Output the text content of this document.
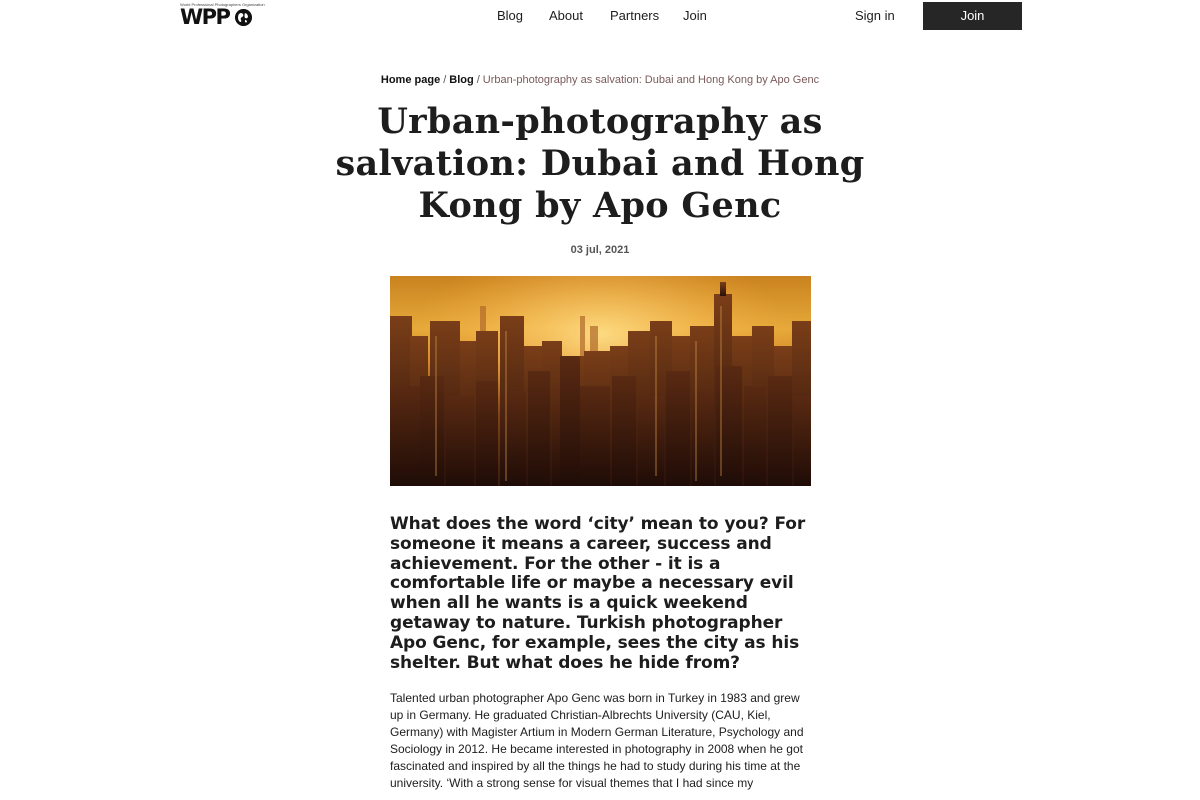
World Professional Photographers Organization
WPP	Blog About Partners Join	Sign in	Join
Home page / Blog / Urban-photography as salvation: Dubai and Hong Kong by Apo Genc
Urban-photography as salvation: Dubai and Hong Kong by Apo Genc
03 jul, 2021

What does the word ‘city’ mean to you? For someone it means a career, success and achievement. For the other - it is a comfortable life or maybe a necessary evil when all he wants is a quick weekend getaway to nature. Turkish photographer Apo Genc, for example, sees the city as his shelter. But what does he hide from?

Talented urban photographer Apo Genc was born in Turkey in 1983 and grew up in Germany. He graduated Christian-Albrechts University (CAU, Kiel, Germany) with Magister Artium in Modern German Literature, Psychology and Sociology in 2012. He became interested in photography in 2008 when he got fascinated and inspired by all the things he had to study during his time at the university. ‘With a strong sense for visual themes that I had since my
